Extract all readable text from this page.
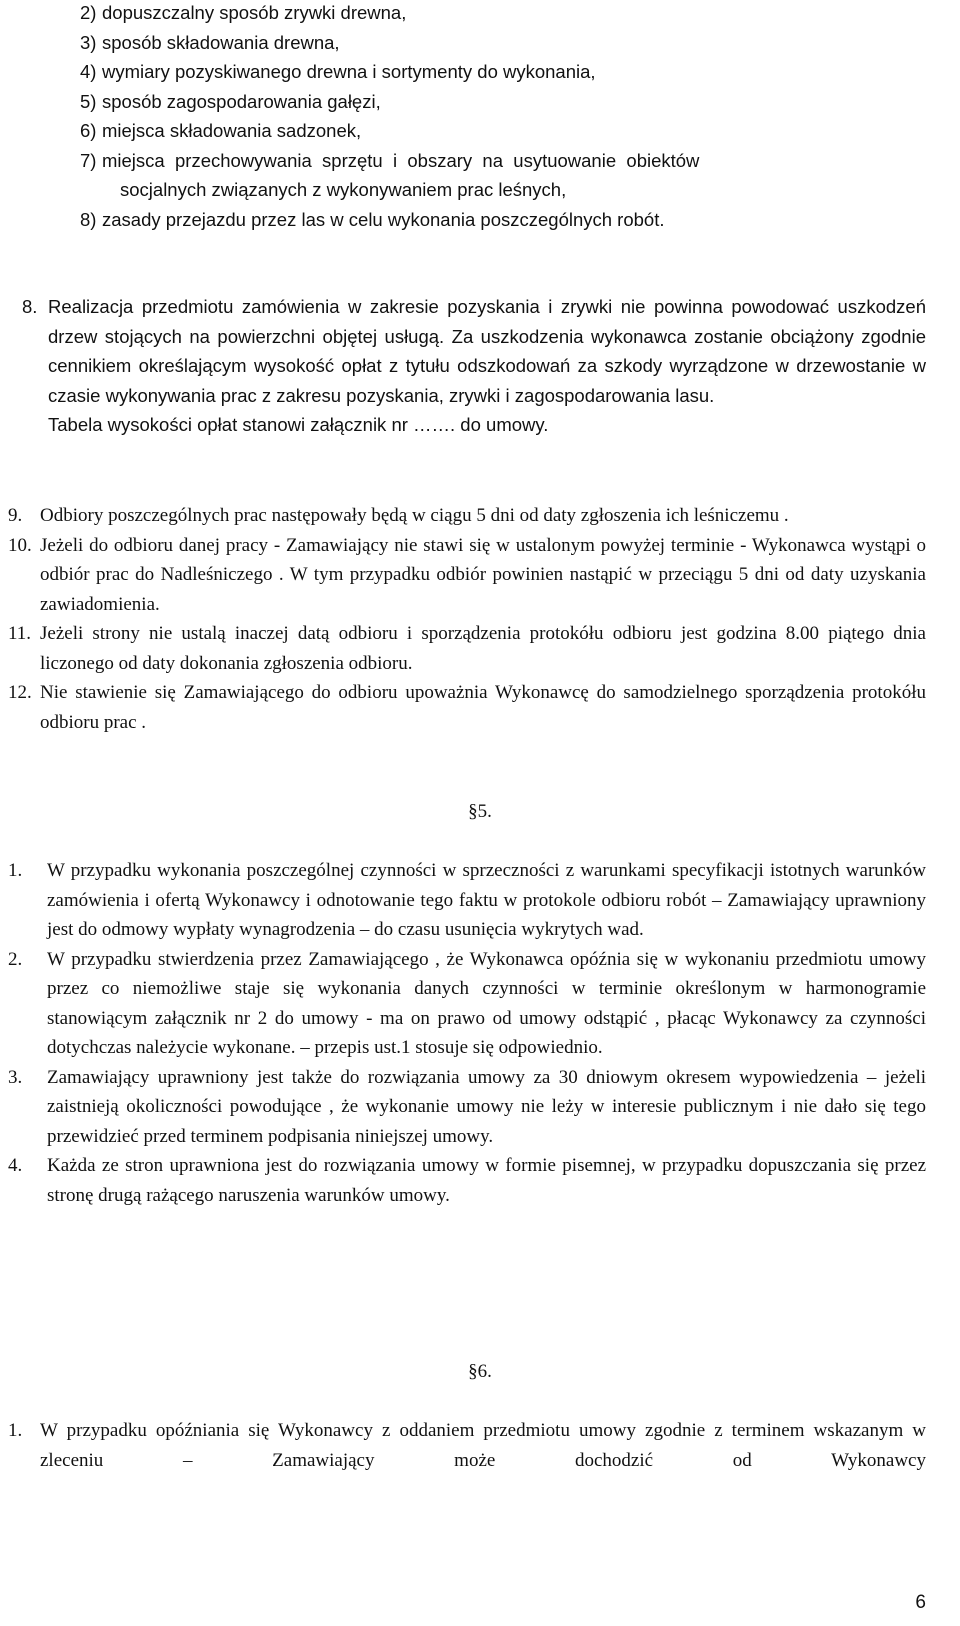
2) dopuszczalny sposób zrywki drewna,
3) sposób składowania drewna,
4) wymiary pozyskiwanego drewna i sortymenty do wykonania,
5) sposób zagospodarowania gałęzi,
6) miejsca składowania sadzonek,
7) miejsca  przechowywania  sprzętu  i  obszary  na  usytuowanie  obiektów
socjalnych związanych z wykonywaniem prac leśnych,
8) zasady przejazdu przez las w celu wykonania poszczególnych robót.
8. Realizacja przedmiotu zamówienia w zakresie pozyskania i zrywki nie powinna powodować uszkodzeń drzew stojących na powierzchni objętej usługą. Za uszkodzenia wykonawca zostanie obciążony zgodnie cennikiem określającym wysokość opłat z tytułu odszkodowań za szkody wyrządzone w drzewostanie w czasie wykonywania prac z zakresu pozyskania, zrywki i zagospodarowania lasu.
Tabela wysokości opłat stanowi załącznik nr ……. do umowy.
9. Odbiory poszczególnych prac następowały będą w ciągu 5 dni od daty zgłoszenia ich leśniczemu .
10. Jeżeli do odbioru danej pracy - Zamawiający nie stawi się w ustalonym powyżej terminie - Wykonawca wystąpi o odbiór prac do Nadleśniczego . W tym przypadku odbiór powinien nastąpić w przeciągu 5 dni od daty uzyskania zawiadomienia.
11. Jeżeli strony nie ustalą inaczej datą odbioru i sporządzenia protokółu odbioru jest godzina 8.00 piątego dnia liczonego od daty dokonania zgłoszenia odbioru.
12. Nie stawienie się Zamawiającego do odbioru upoważnia Wykonawcę do samodzielnego sporządzenia protokółu odbioru prac .
§5.
1.	W przypadku wykonania poszczególnej czynności w sprzeczności z warunkami specyfikacji istotnych warunków zamówienia i ofertą Wykonawcy i odnotowanie tego faktu w protokole odbioru robót – Zamawiający uprawniony jest do odmowy wypłaty wynagrodzenia – do czasu usunięcia wykrytych wad.
2.	W przypadku stwierdzenia przez Zamawiającego , że Wykonawca opóźnia się w wykonaniu przedmiotu umowy przez co niemożliwe staje się wykonania danych czynności w terminie określonym w harmonogramie stanowiącym załącznik nr 2 do umowy - ma on prawo od umowy odstąpić , płacąc Wykonawcy za czynności dotychczas należycie wykonane. – przepis ust.1 stosuje się odpowiednio.
3.	Zamawiający uprawniony jest także do rozwiązania umowy za 30 dniowym okresem wypowiedzenia – jeżeli zaistnieją okoliczności powodujące , że wykonanie umowy nie leży w interesie publicznym i nie dało się tego przewidzieć przed terminem podpisania niniejszej umowy.
4.	Każda ze stron uprawniona jest do rozwiązania umowy w formie pisemnej, w przypadku dopuszczania się przez stronę drugą rażącego naruszenia warunków umowy.
§6.
1. W przypadku opóźniania się Wykonawcy z oddaniem przedmiotu umowy zgodnie z terminem wskazanym w zleceniu – Zamawiający może dochodzić od Wykonawcy
6
